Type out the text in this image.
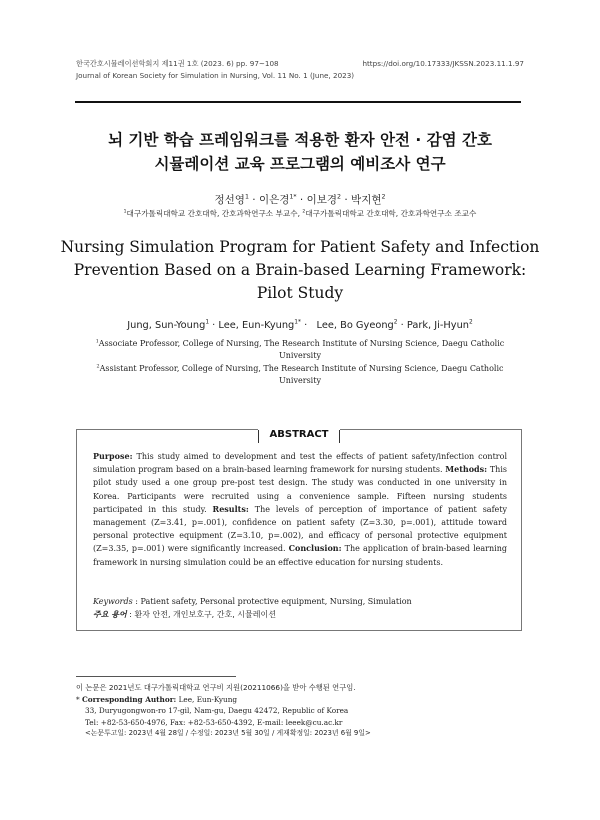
한국간호시뮬레이션학회지 제11권 1호 (2023. 6) pp. 97~108	https://doi.org/10.17333/JKSSN.2023.11.1.97
Journal of Korean Society for Simulation in Nursing, Vol. 11 No. 1 (June, 2023)
뇌 기반 학습 프레임워크를 적용한 환자 안전 · 감염 간호
시뮬레이션 교육 프로그램의 예비조사 연구
정선영$^1$ · 이은경$^{1*}$ · 이보경$^2$ · 박지현$^2$
$^1$대구가톨릭대학교 간호대학, 간호과학연구소 부교수, $^2$대구가톨릭대학교 간호대학, 간호과학연구소 조교수
Nursing Simulation Program for Patient Safety and Infection
Prevention Based on a Brain-based Learning Framework:
Pilot Study
Jung, Sun-Young$^1$ · Lee, Eun-Kyung$^{1*}$ ·   Lee, Bo Gyeong$^2$ · Park, Ji-Hyun$^2$
$^1$Associate Professor, College of Nursing, The Research Institute of Nursing Science, Daegu Catholic University
$^2$Assistant Professor, College of Nursing, The Research Institute of Nursing Science, Daegu Catholic University
ABSTRACT
Purpose: This study aimed to development and test the effects of patient safety/infection control simulation program based on a brain-based learning framework for nursing students. Methods: This pilot study used a one group pre-post test design. The study was conducted in one university in Korea. Participants were recruited using a convenience sample. Fifteen nursing students participated in this study. Results: The levels of perception of importance of patient safety management (Z=3.41, p=.001), confidence on patient safety (Z=3.30, p=.001), attitude toward personal protective equipment (Z=3.10, p=.002), and efficacy of personal protective equipment (Z=3.35, p=.001) were significantly increased. Conclusion: The application of brain-based learning framework in nursing simulation could be an effective education for nursing students.
Keywords : Patient safety, Personal protective equipment, Nursing, Simulation
주요 용어 : 환자 안전, 개인보호구, 간호, 시뮬레이션
이 논문은 2021년도 대구가톨릭대학교 연구비 지원(20211066)을 받아 수행된 연구임.
* Corresponding Author: Lee, Eun-Kyung
33, Duryugongwon-ro 17-gil, Nam-gu, Daegu 42472, Republic of Korea
Tel: +82-53-650-4976, Fax: +82-53-650-4392, E-mail: leeek@cu.ac.kr
<논문투고일: 2023년 4월 28일 / 수정일: 2023년 5월 30일 / 게재확정일: 2023년 6월 9일>
